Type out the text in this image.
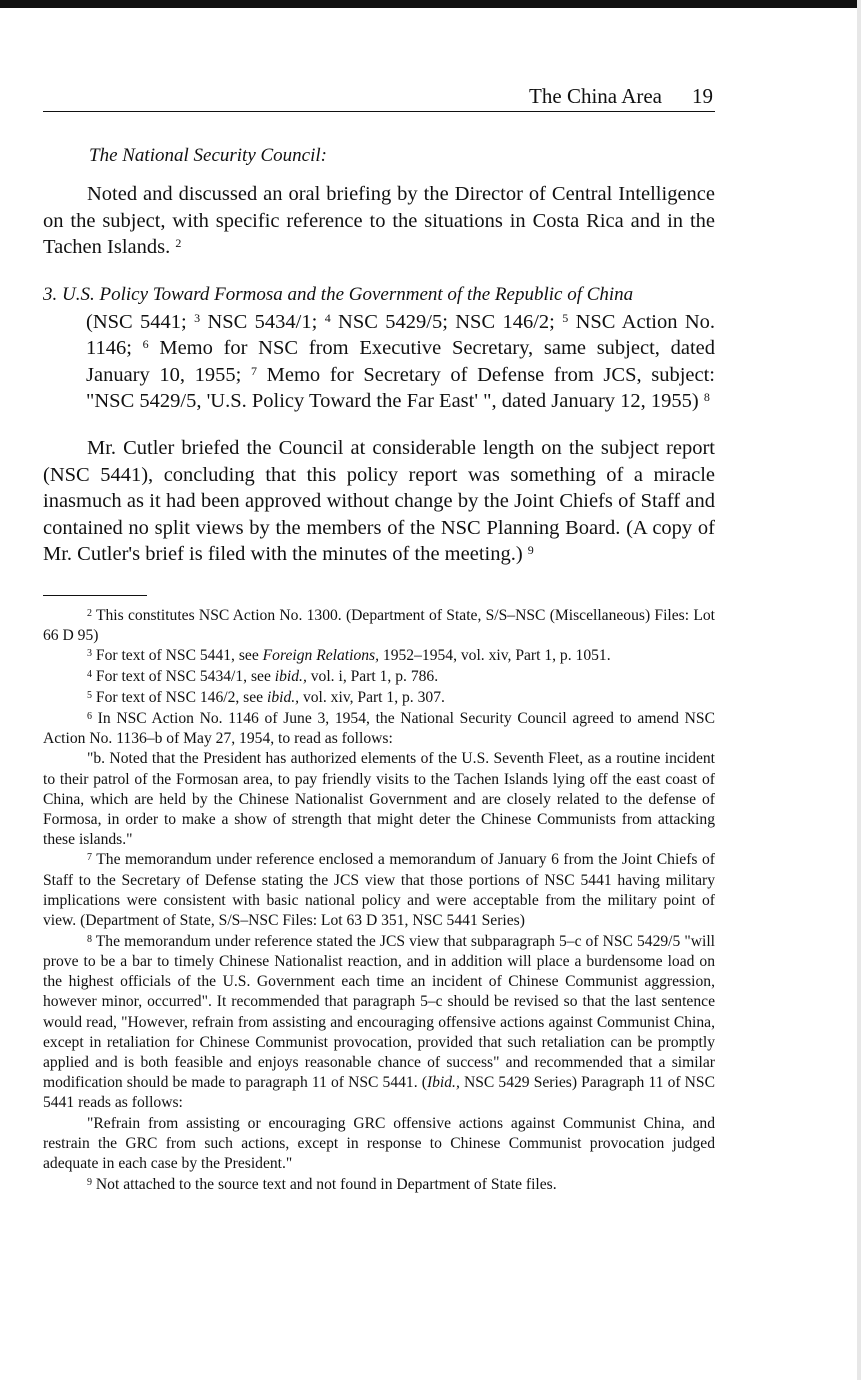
The China Area 19
The National Security Council:

Noted and discussed an oral briefing by the Director of Central Intelligence on the subject, with specific reference to the situations in Costa Rica and in the Tachen Islands. $^2$

3. U.S. Policy Toward Formosa and the Government of the Republic of China
(NSC 5441; $^3$ NSC 5434/1; $^4$ NSC 5429/5; NSC 146/2; $^5$ NSC Action No. 1146; $^6$ Memo for NSC from Executive Secretary, same subject, dated January 10, 1955; $^7$ Memo for Secretary of Defense from JCS, subject: "NSC 5429/5, 'U.S. Policy Toward the Far East' ", dated January 12, 1955) $^8$

Mr. Cutler briefed the Council at considerable length on the subject report (NSC 5441), concluding that this policy report was something of a miracle inasmuch as it had been approved without change by the Joint Chiefs of Staff and contained no split views by the members of the NSC Planning Board. (A copy of Mr. Cutler's brief is filed with the minutes of the meeting.) $^9$

$^2$ This constitutes NSC Action No. 1300. (Department of State, S/S–NSC (Miscellaneous) Files: Lot 66 D 95)

$^3$ For text of NSC 5441, see Foreign Relations, 1952–1954, vol. xiv, Part 1, p. 1051.

$^4$ For text of NSC 5434/1, see ibid., vol. i, Part 1, p. 786.

$^5$ For text of NSC 146/2, see ibid., vol. xiv, Part 1, p. 307.

$^6$ In NSC Action No. 1146 of June 3, 1954, the National Security Council agreed to amend NSC Action No. 1136–b of May 27, 1954, to read as follows:

"b. Noted that the President has authorized elements of the U.S. Seventh Fleet, as a routine incident to their patrol of the Formosan area, to pay friendly visits to the Tachen Islands lying off the east coast of China, which are held by the Chinese Nationalist Government and are closely related to the defense of Formosa, in order to make a show of strength that might deter the Chinese Communists from attacking these islands."

$^7$ The memorandum under reference enclosed a memorandum of January 6 from the Joint Chiefs of Staff to the Secretary of Defense stating the JCS view that those portions of NSC 5441 having military implications were consistent with basic national policy and were acceptable from the military point of view. (Department of State, S/S–NSC Files: Lot 63 D 351, NSC 5441 Series)

$^8$ The memorandum under reference stated the JCS view that subparagraph 5–c of NSC 5429/5 "will prove to be a bar to timely Chinese Nationalist reaction, and in addition will place a burdensome load on the highest officials of the U.S. Government each time an incident of Chinese Communist aggression, however minor, occurred". It recommended that paragraph 5–c should be revised so that the last sentence would read, "However, refrain from assisting and encouraging offensive actions against Communist China, except in retaliation for Chinese Communist provocation, provided that such retaliation can be promptly applied and is both feasible and enjoys reasonable chance of success" and recommended that a similar modification should be made to paragraph 11 of NSC 5441. (Ibid., NSC 5429 Series) Paragraph 11 of NSC 5441 reads as follows:

"Refrain from assisting or encouraging GRC offensive actions against Communist China, and restrain the GRC from such actions, except in response to Chinese Communist provocation judged adequate in each case by the President."

$^9$ Not attached to the source text and not found in Department of State files.
